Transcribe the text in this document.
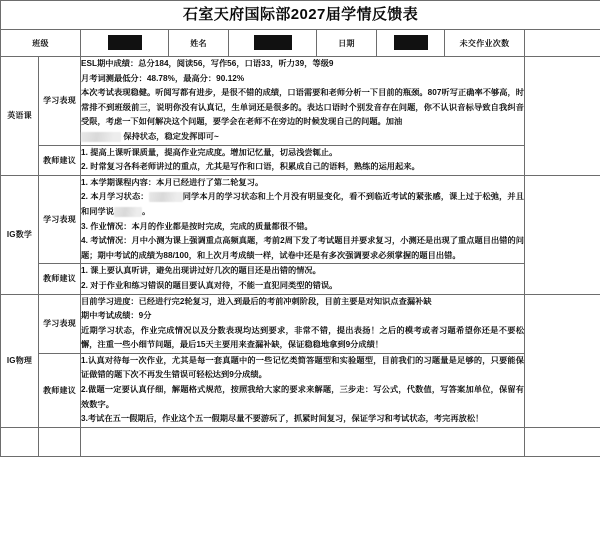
石室天府国际部2027届学情反馈表								
班级			姓名		日期		未交作业次数	
英语课	学习表现	ESL期中成绩：总分184，阅读56，写作56，口语33，听力39，等级9

月考词测最低分：48.78%，最高分：90.12%

本次考试表现稳健。听阅写都有进步，是很不错的成绩，口语需要和老师分析一下目前的瓶颈。807听写正确率不够高，时常排不到班级前三，说明你没有认真记，生单词还是很多的。表达口语时个别发音存在问题，你不认识音标导致自我纠音受限，考虑一下如何解决这个问题，要学会在老师不在旁边的时候发现自己的问题。加油

保持状态，稳定发挥即可~						

	教师建议	1. 提高上课听课质量，提高作业完成度。增加记忆量，切忌浅尝辄止。

2. 时常复习各科老师讲过的重点，尤其是写作和口语，积累成自己的语料，熟练的运用起来。						

IG数学	学习表现	1. 本学期课程内容：本月已经进行了第二轮复习。

2. 本月学习状态： 同学本月的学习状态和上个月没有明显变化，看不到临近考试的紧张感，课上过于松弛，并且和同学说 。

3. 作业情况：本月的作业都是按时完成，完成的质量都很不错。

4. 考试情况：月中小测为课上强调重点高频真题，考前2周下发了考试题目并要求复习，小测还是出现了重点题目出错的问题；期中考试的成绩为88/100，和上次月考成绩一样，试卷中还是有多次强调要求必须掌握的题目出错。						

	教师建议	1. 课上要认真听讲，避免出现讲过好几次的题目还是出错的情况。

2. 对于作业和练习错误的题目要认真对待，不能一直犯同类型的错误。						

IG物理	学习表现	目前学习进度：已经进行完2轮复习，进入到最后的考前冲刺阶段，目前主要是对知识点查漏补缺

期中考试成绩：9分

近期学习状态，作业完成情况以及分数表现均达到要求，非常不错，提出表扬！之后的模考或者习题希望你还是不要松懈，注重一些小细节问题，最后15天主要用来查漏补缺，保证稳稳地拿到9分成绩！						

	教师建议	1.认真对待每一次作业，尤其是每一套真题中的一些记忆类简答题型和实验题型，目前我们的习题量是足够的，只要能保证做错的题下次不再发生错误可轻松达到9分成绩。

2.做题一定要认真仔细，解题格式规范，按照我给大家的要求来解题，三步走：写公式，代数值，写答案加单位，保留有效数字。

3.考试在五一假期后，作业这个五一假期尽量不要游玩了，抓紧时间复习，保证学习和考试状态，考完再放松！						
